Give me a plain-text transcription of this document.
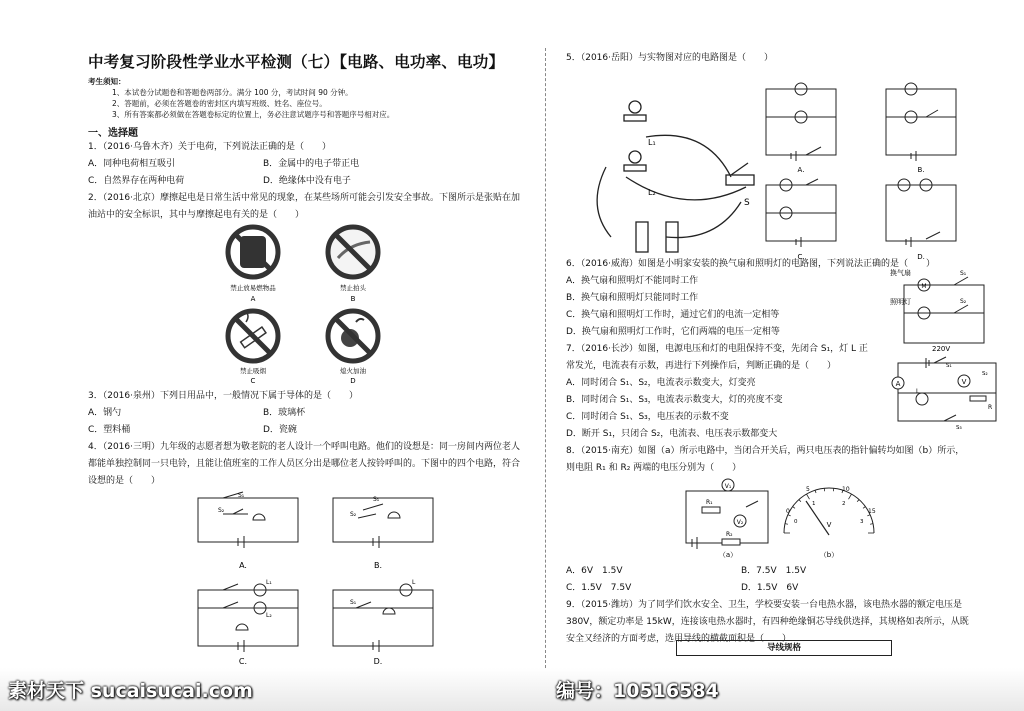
中考复习阶段性学业水平检测（七）【电路、电功率、电功】
考生须知：
1、本试卷分试题卷和答题卷两部分。满分 100 分，考试时间 90 分钟。
2、答题前，必须在答题卷的密封区内填写班级、姓名、座位号。
3、所有答案都必须做在答题卷标定的位置上，务必注意试题序号和答题序号相对应。
一、选择题
1．（2016·乌鲁木齐）关于电荷，下列说法正确的是（　　）
A．同种电荷相互吸引	B．金属中的电子带正电
C．自然界存在两种电荷	D．绝缘体中没有电子
2．（2016·北京）摩擦起电是日常生活中常见的现象，在某些场所可能会引发安全事故。下图所示是张贴在加油站中的安全标识，其中与摩擦起电有关的是（　　）
禁止放易燃物品
A
禁止拍头
B
禁止吸烟
C
熄火加油
D
3．（2016·泉州）下列日用品中，一般情况下属于导体的是（　　）
A．钢勺	B．玻璃杯
C．塑料桶	D．瓷碗
4．（2016·三明）九年级的志愿者想为敬老院的老人设计一个呼叫电路。他们的设想是：同一房间内两位老人都能单独控制同一只电铃，且能让值班室的工作人员区分出是哪位老人按铃呼叫的。下图中的四个电路，符合设想的是（　　）
S₁
S₂
A.
S₁
S₂
B.
L₁
L₂
C.
L
S₁
D.
5．（2016·岳阳）与实物图对应的电路图是（　　）
L₁
L₂
S
A.	B.
C.	D.
6．（2016·威海）如图是小明家安装的换气扇和照明灯的电路图，下列说法正确的是（　　）
A．换气扇和照明灯不能同时工作
B．换气扇和照明灯只能同时工作
C．换气扇和照明灯工作时，通过它们的电流一定相等
D．换气扇和照明灯工作时，它们两端的电压一定相等
M
换气扇
照明灯
S₁
S₂
220V
7．（2016·长沙）如图，电源电压和灯的电阻保持不变，先闭合 S₁，灯 L 正
常发光，电流表有示数，再进行下列操作后，判断正确的是（　　）
A．同时闭合 S₁、S₂，电流表示数变大，灯变亮
B．同时闭合 S₁、S₃，电流表示数变大，灯的亮度不变
C．同时闭合 S₁、S₃，电压表的示数不变
D．断开 S₁，只闭合 S₂，电流表、电压表示数都变大
A	V
L
R
S₁
S₂
S₃
8．（2015·南充）如图（a）所示电路中，当闭合开关后，两只电压表的指针偏转均如图（b）所示，
则电阻 R₁ 和 R₂ 两端的电压分别为（　　）
V₁
V₂
R₁
R₂
（a）
0
5	10
15
0
1	2
3
V
（b）
A．6V　1.5V	B．7.5V　1.5V
C．1.5V　7.5V	D．1.5V　6V
9．（2015·潍坊）为了同学们饮水安全、卫生，学校要安装一台电热水器，该电热水器的额定电压是
380V，额定功率是 15kW，连接该电热水器时，有四种绝缘铜芯导线供选择，其规格如表所示，从既
安全又经济的方面考虑，选用导线的横截面积是（　　）
导线规格
素材天下 sucaisucai.com	编号：10516584
